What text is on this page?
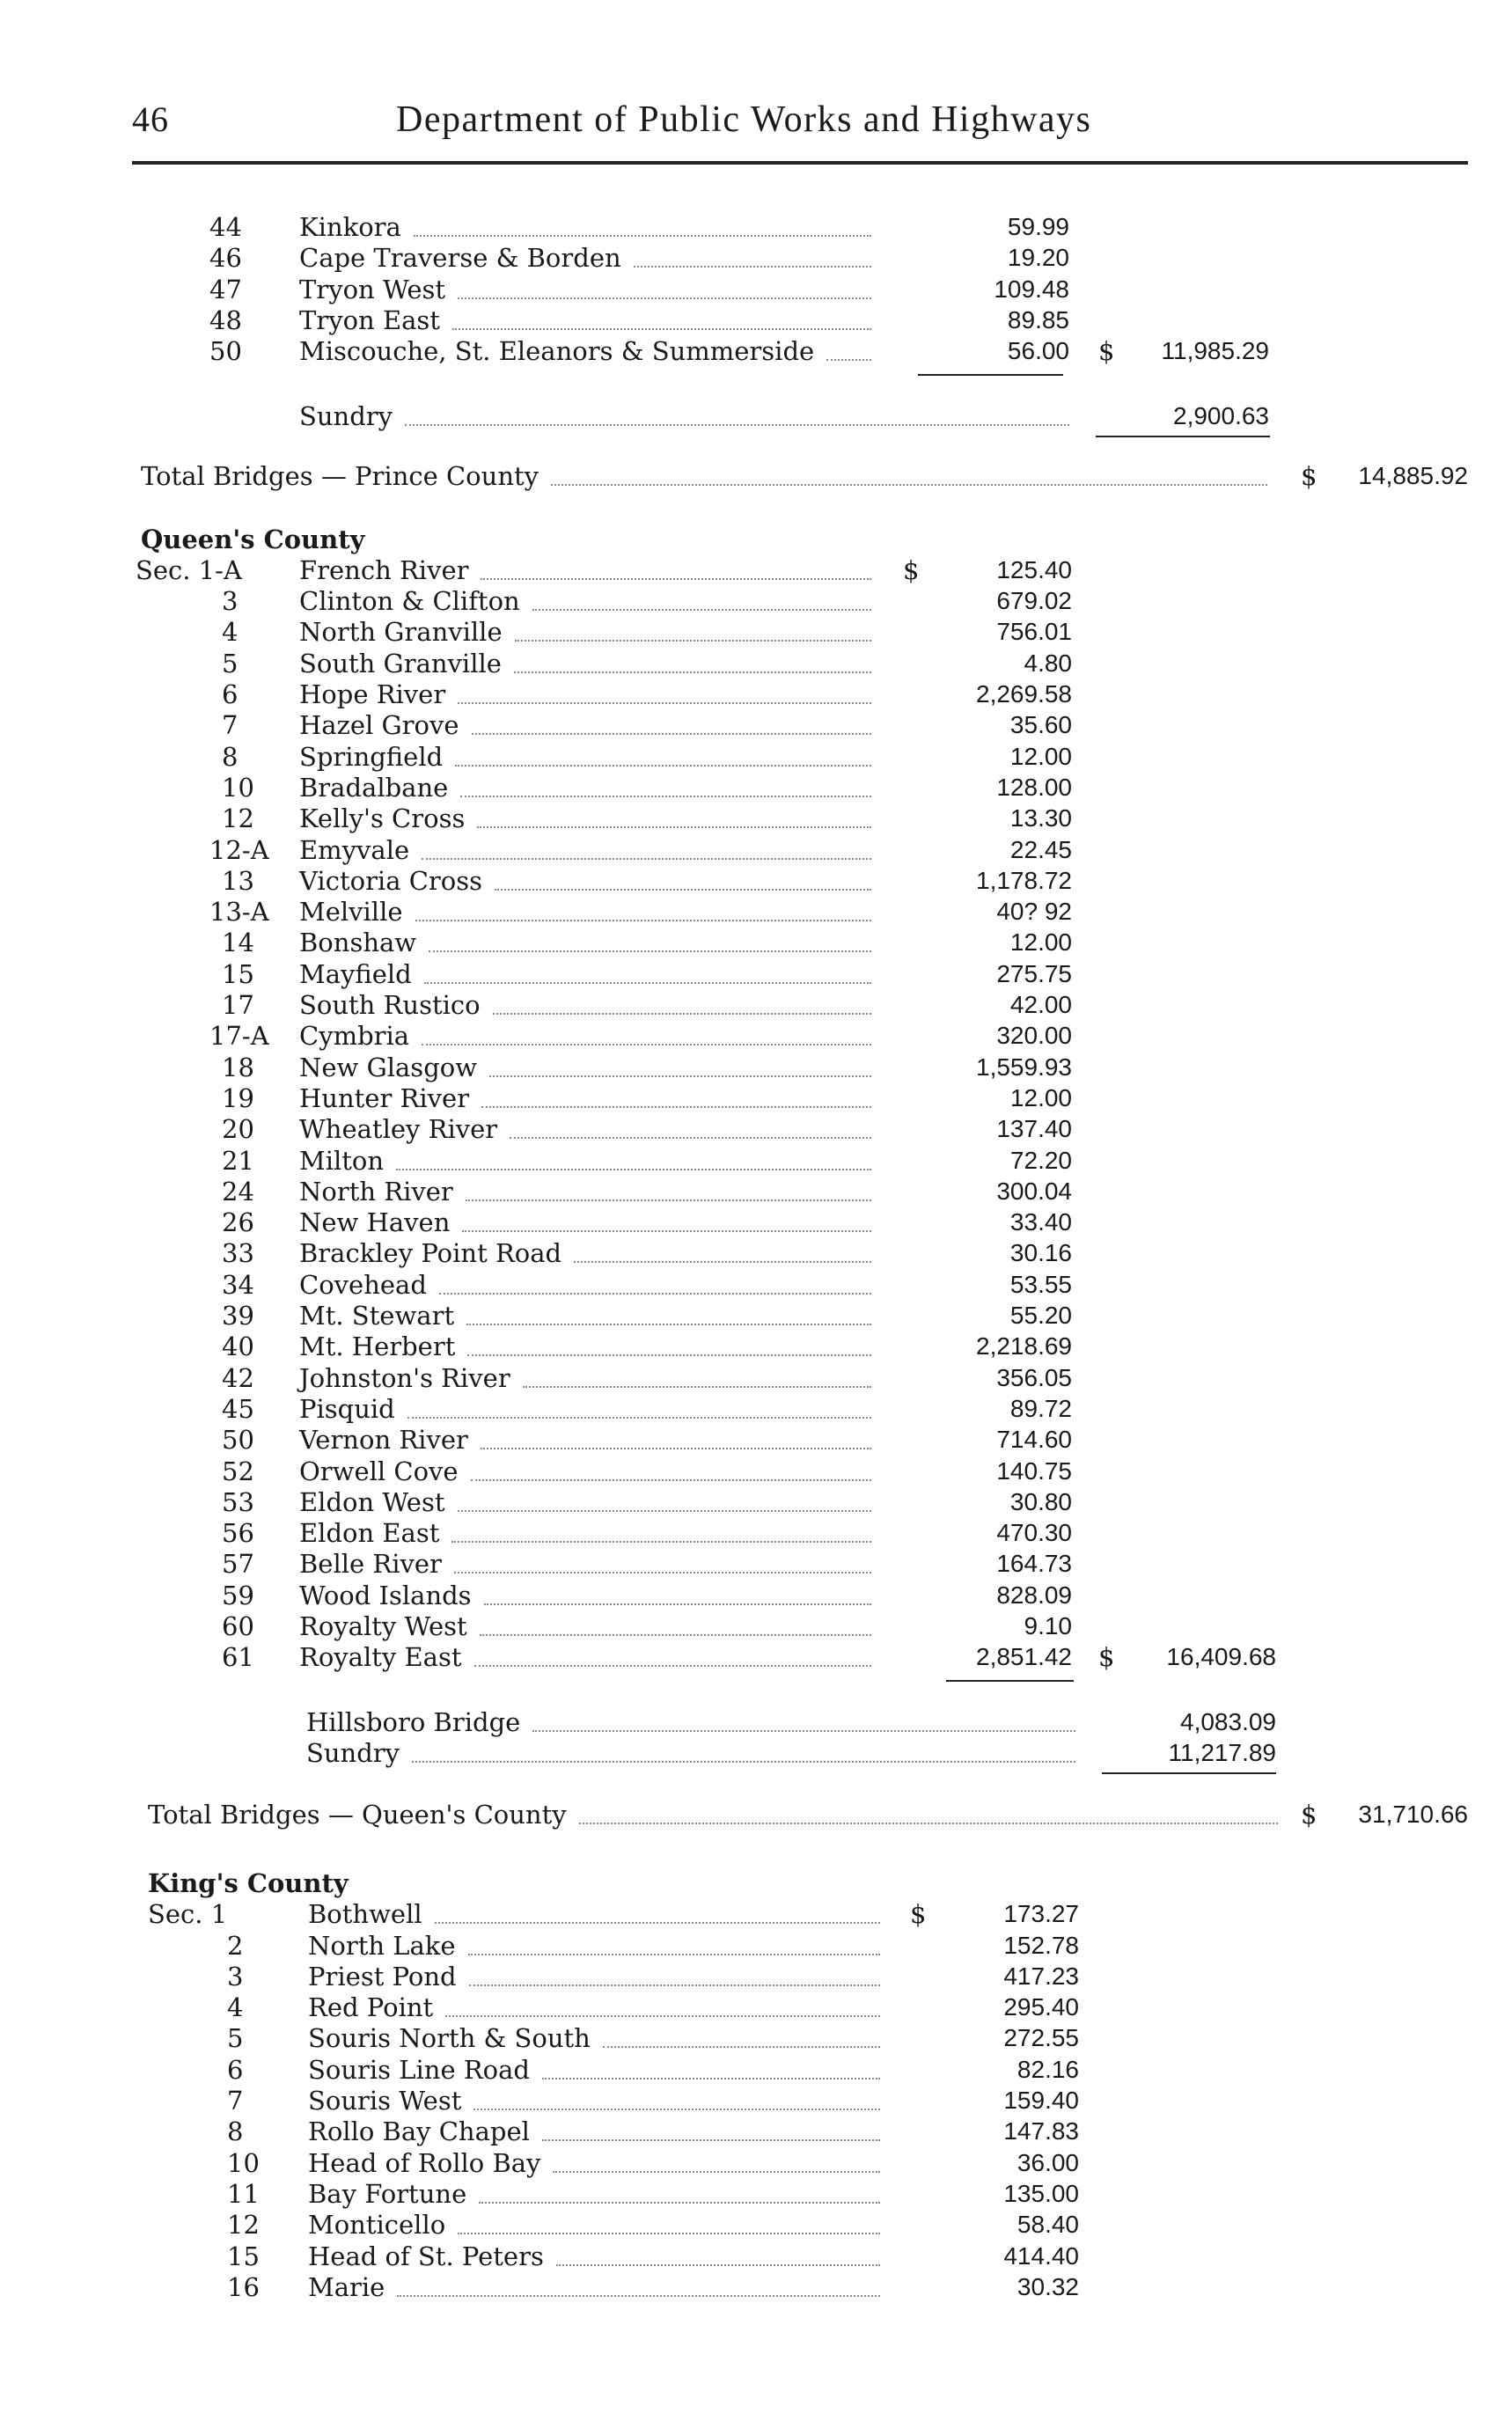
46	Department of Public Works and Highways
44 Kinkora	59.99
46 Cape Traverse & Borden	19.20
47 Tryon West	109.48
48 Tryon East	89.85
50 Miscouche, St. Eleanors & Summerside	56.00 $	11,985.29
Sundry	2,900.63
Total Bridges — Prince County	$	14,885.92
Queen's County
Sec. 1-A French River	$	125.40
3 Clinton & Clifton	679.02
4 North Granville	756.01
5 South Granville	4.80
6 Hope River	2,269.58
7 Hazel Grove	35.60
8 Springfield	12.00
10 Bradalbane	128.00
12 Kelly's Cross	13.30
12-A Emyvale	22.45
13 Victoria Cross	1,178.72
13-A Melville	40? 92
14 Bonshaw	12.00
15 Mayfield	275.75
17 South Rustico	42.00
17-A Cymbria	320.00
18 New Glasgow	1,559.93
19 Hunter River	12.00
20 Wheatley River	137.40
21 Milton	72.20
24 North River	300.04
26 New Haven	33.40
33 Brackley Point Road	30.16
34 Covehead	53.55
39 Mt. Stewart	55.20
40 Mt. Herbert	2,218.69
42 Johnston's River	356.05
45 Pisquid	89.72
50 Vernon River	714.60
52 Orwell Cove	140.75
53 Eldon West	30.80
56 Eldon East	470.30
57 Belle River	164.73
59 Wood Islands	828.09
60 Royalty West	9.10
61 Royalty East	2,851.42 $	16,409.68
Hillsboro Bridge	4,083.09
Sundry	11,217.89
Total Bridges — Queen's County	$	31,710.66
King's County
Sec. 1	Bothwell	$	173.27
2	North Lake	152.78
3	Priest Pond	417.23
4	Red Point	295.40
5	Souris North & South	272.55
6	Souris Line Road	82.16
7	Souris West	159.40
8	Rollo Bay Chapel	147.83
10 Head of Rollo Bay	36.00
11 Bay Fortune	135.00
12 Monticello	58.40
15 Head of St. Peters	414.40
16 Marie	30.32
